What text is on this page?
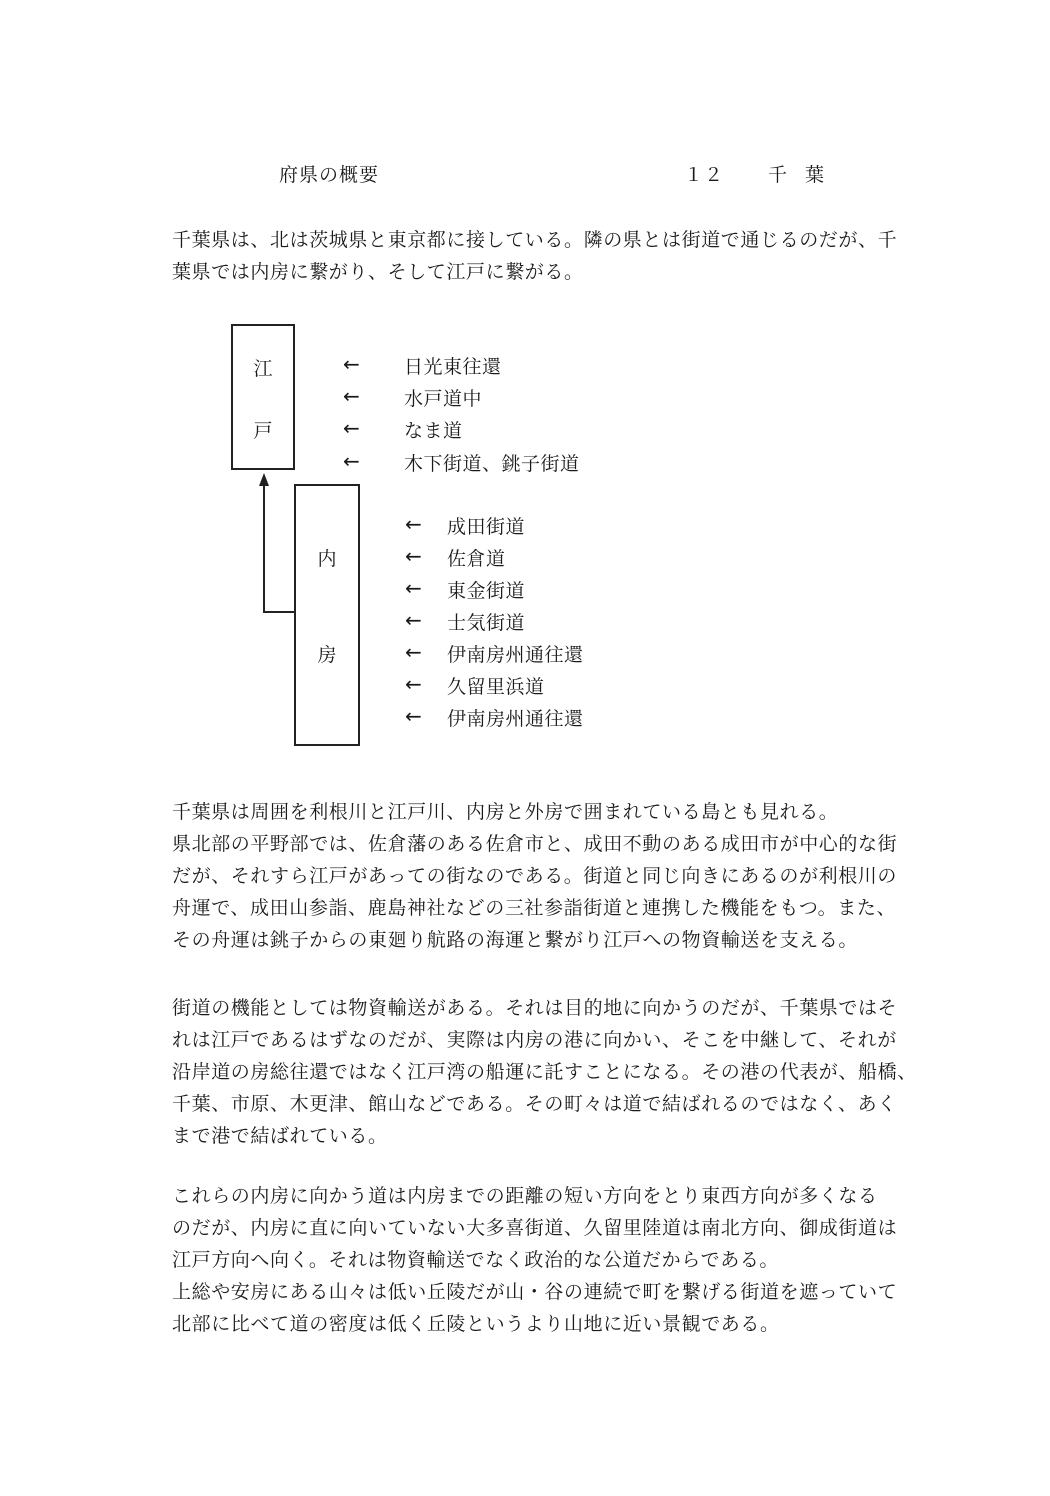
府県の概要	１２ 千葉

千葉県は、北は茨城県と東京都に接している。隣の県とは街道で通じるのだが、千
葉県では内房に繋がり、そして江戸に繋がる。

江
戸
内
房
← 日光東往還
← 水戸道中
← なま道
← 木下街道、銚子街道
← 成田街道
← 佐倉道
← 東金街道
← 士気街道
← 伊南房州通往還
← 久留里浜道
← 伊南房州通往還

千葉県は周囲を利根川と江戸川、内房と外房で囲まれている島とも見れる。
県北部の平野部では、佐倉藩のある佐倉市と、成田不動のある成田市が中心的な街
だが、それすら江戸があっての街なのである。街道と同じ向きにあるのが利根川の
舟運で、成田山参詣、鹿島神社などの三社参詣街道と連携した機能をもつ。また、
その舟運は銚子からの東廻り航路の海運と繋がり江戸への物資輸送を支える。

街道の機能としては物資輸送がある。それは目的地に向かうのだが、千葉県ではそ
れは江戸であるはずなのだが、実際は内房の港に向かい、そこを中継して、それが
沿岸道の房総往還ではなく江戸湾の船運に託すことになる。その港の代表が、船橋、
千葉、市原、木更津、館山などである。その町々は道で結ばれるのではなく、あく
まで港で結ばれている。

これらの内房に向かう道は内房までの距離の短い方向をとり東西方向が多くなる
のだが、内房に直に向いていない大多喜街道、久留里陸道は南北方向、御成街道は
江戸方向へ向く。それは物資輸送でなく政治的な公道だからである。
上総や安房にある山々は低い丘陵だが山・谷の連続で町を繋げる街道を遮っていて
北部に比べて道の密度は低く丘陵というより山地に近い景観である。
